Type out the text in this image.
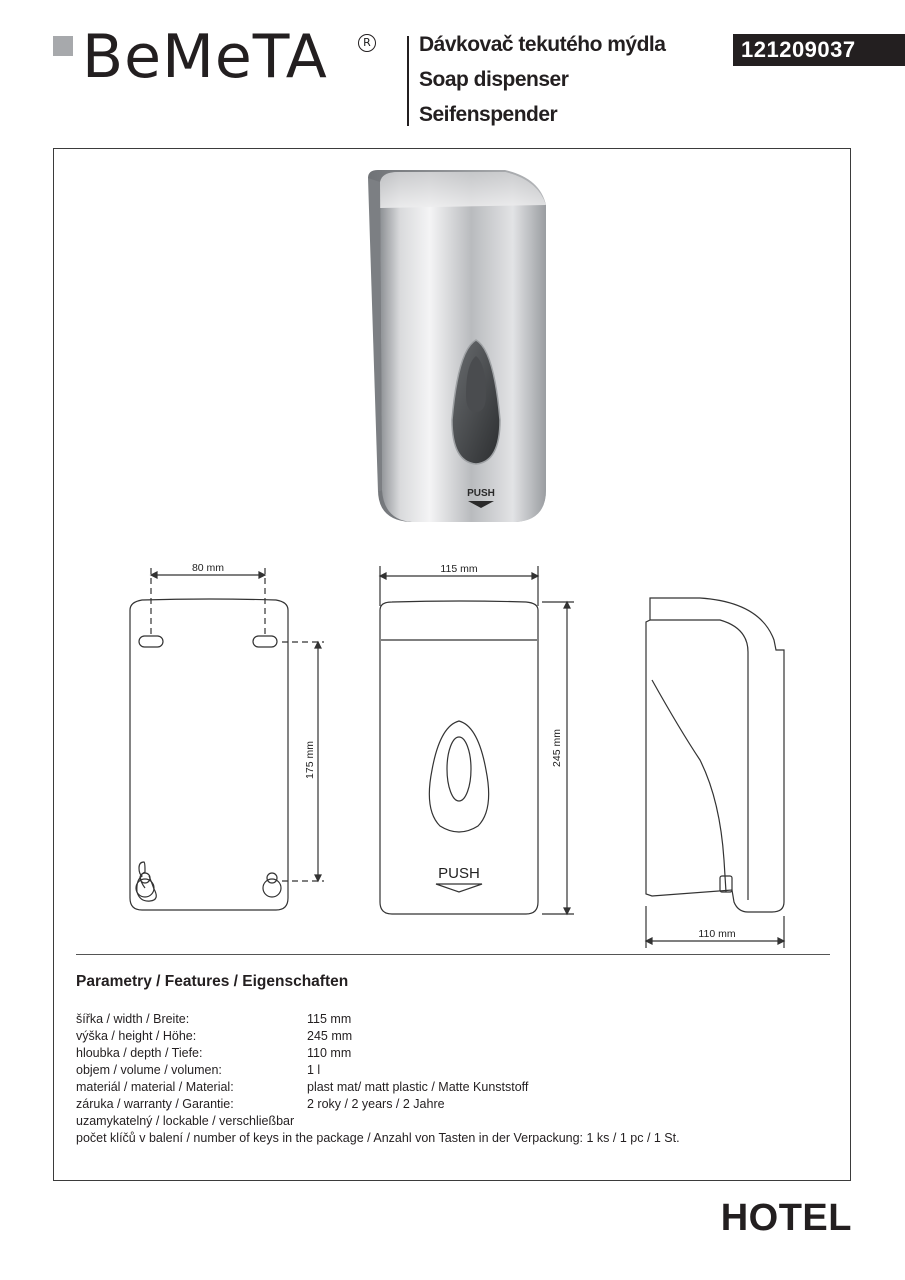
BeMeTA	R Dávkovač tekutého mýdla
Soap dispenser
Seifenspender
121209037
PUSH
80 mm
175 mm
115 mm
245 mm
PUSH
110 mm
Parametry / Features / Eigenschaften
šířka / width / Breite:	115 mm
výška / height / Höhe:	245 mm
hloubka / depth / Tiefe:	110 mm
objem / volume / volumen:	1 l
materiál / material / Material:	plast mat/ matt plastic / Matte Kunststoff
záruka / warranty / Garantie:	2 roky / 2 years / 2 Jahre
uzamykatelný / lockable / verschließbar
počet klíčů v balení / number of keys in the package / Anzahl von Tasten in der Verpackung: 1 ks / 1 pc / 1 St.
HOTEL
